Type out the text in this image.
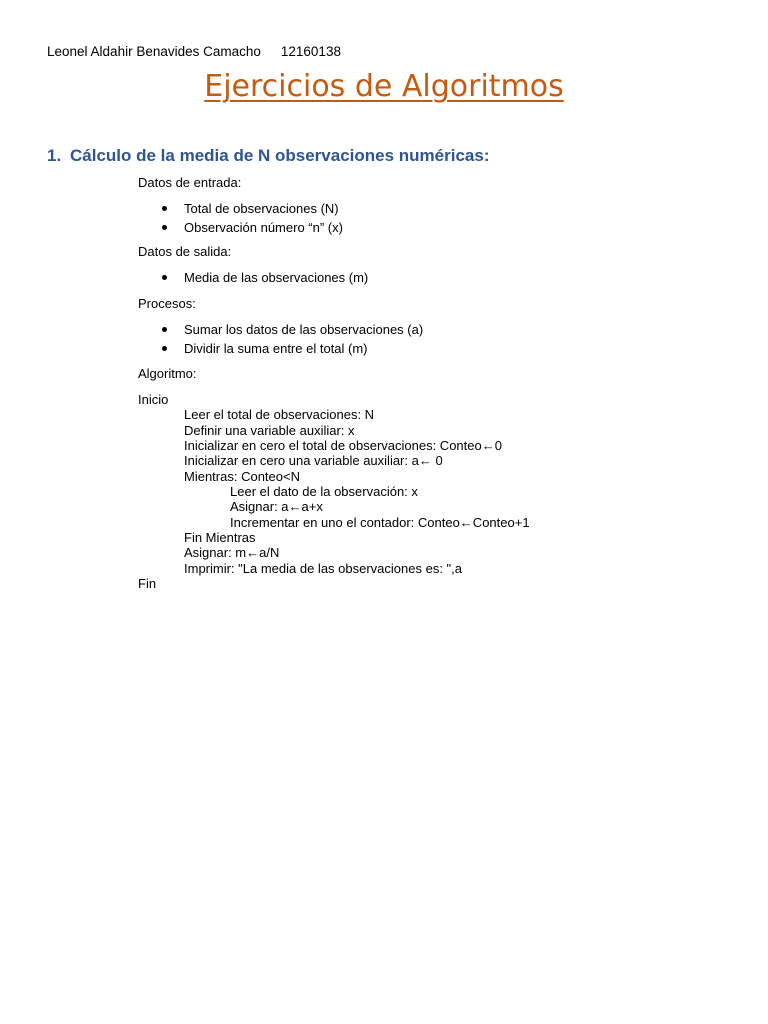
Leonel Aldahir Benavides Camacho 12160138
Ejercicios de Algoritmos
1. Cálculo de la media de N observaciones numéricas:
Datos de entrada:
Total de observaciones (N)
Observación número “n” (x)
Datos de salida:
Media de las observaciones (m)
Procesos:
Sumar los datos de las observaciones (a)
Dividir la suma entre el total (m)
Algoritmo:
Inicio
Leer el total de observaciones: N
Definir una variable auxiliar: x
Inicializar en cero el total de observaciones: Conteo←0
Inicializar en cero una variable auxiliar: a← 0
Mientras: Conteo<N
Leer el dato de la observación: x
Asignar: a←a+x
Incrementar en uno el contador: Conteo←Conteo+1
Fin Mientras
Asignar: m←a/N
Imprimir: "La media de las observaciones es: ",a
Fin
